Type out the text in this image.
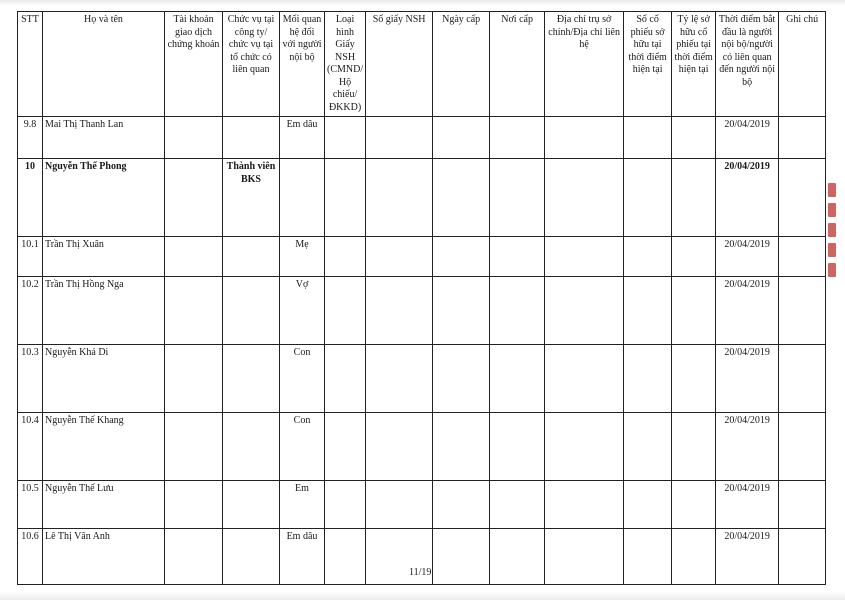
STT	Họ và tên	Tài khoản giao dịch chứng khoán	Chức vụ tại công ty/ chức vụ tại tổ chức có liên quan	Mối quan hệ đối với người nội bộ	Loại hình Giấy NSH (CMND/ Hộ chiếu/ ĐKKD)	Số giấy NSH	Ngày cấp	Nơi cấp	Địa chỉ trụ sở chính/Địa chỉ liên hệ	Số cổ phiếu sở hữu tại thời điểm hiện tại	Tỷ lệ sở hữu cổ phiếu tại thời điểm hiện tại	Thời điểm bắt đầu là người nội bộ/người có liên quan đến người nội bộ	Ghi chú
9.8	Mai Thị Thanh Lan			Em dâu								20/04/2019	
10	Nguyễn Thế Phong		Thành viên BKS									20/04/2019	
10.1	Trần Thị Xuân			Mẹ								20/04/2019	
10.2	Trần Thị Hồng Nga			Vợ								20/04/2019	
10.3	Nguyễn Khả Di			Con								20/04/2019	
10.4	Nguyễn Thế Khang			Con								20/04/2019	
10.5	Nguyễn Thế Lưu			Em								20/04/2019	
10.6	Lê Thị Vân Anh			Em dâu								20/04/2019	
11/19
